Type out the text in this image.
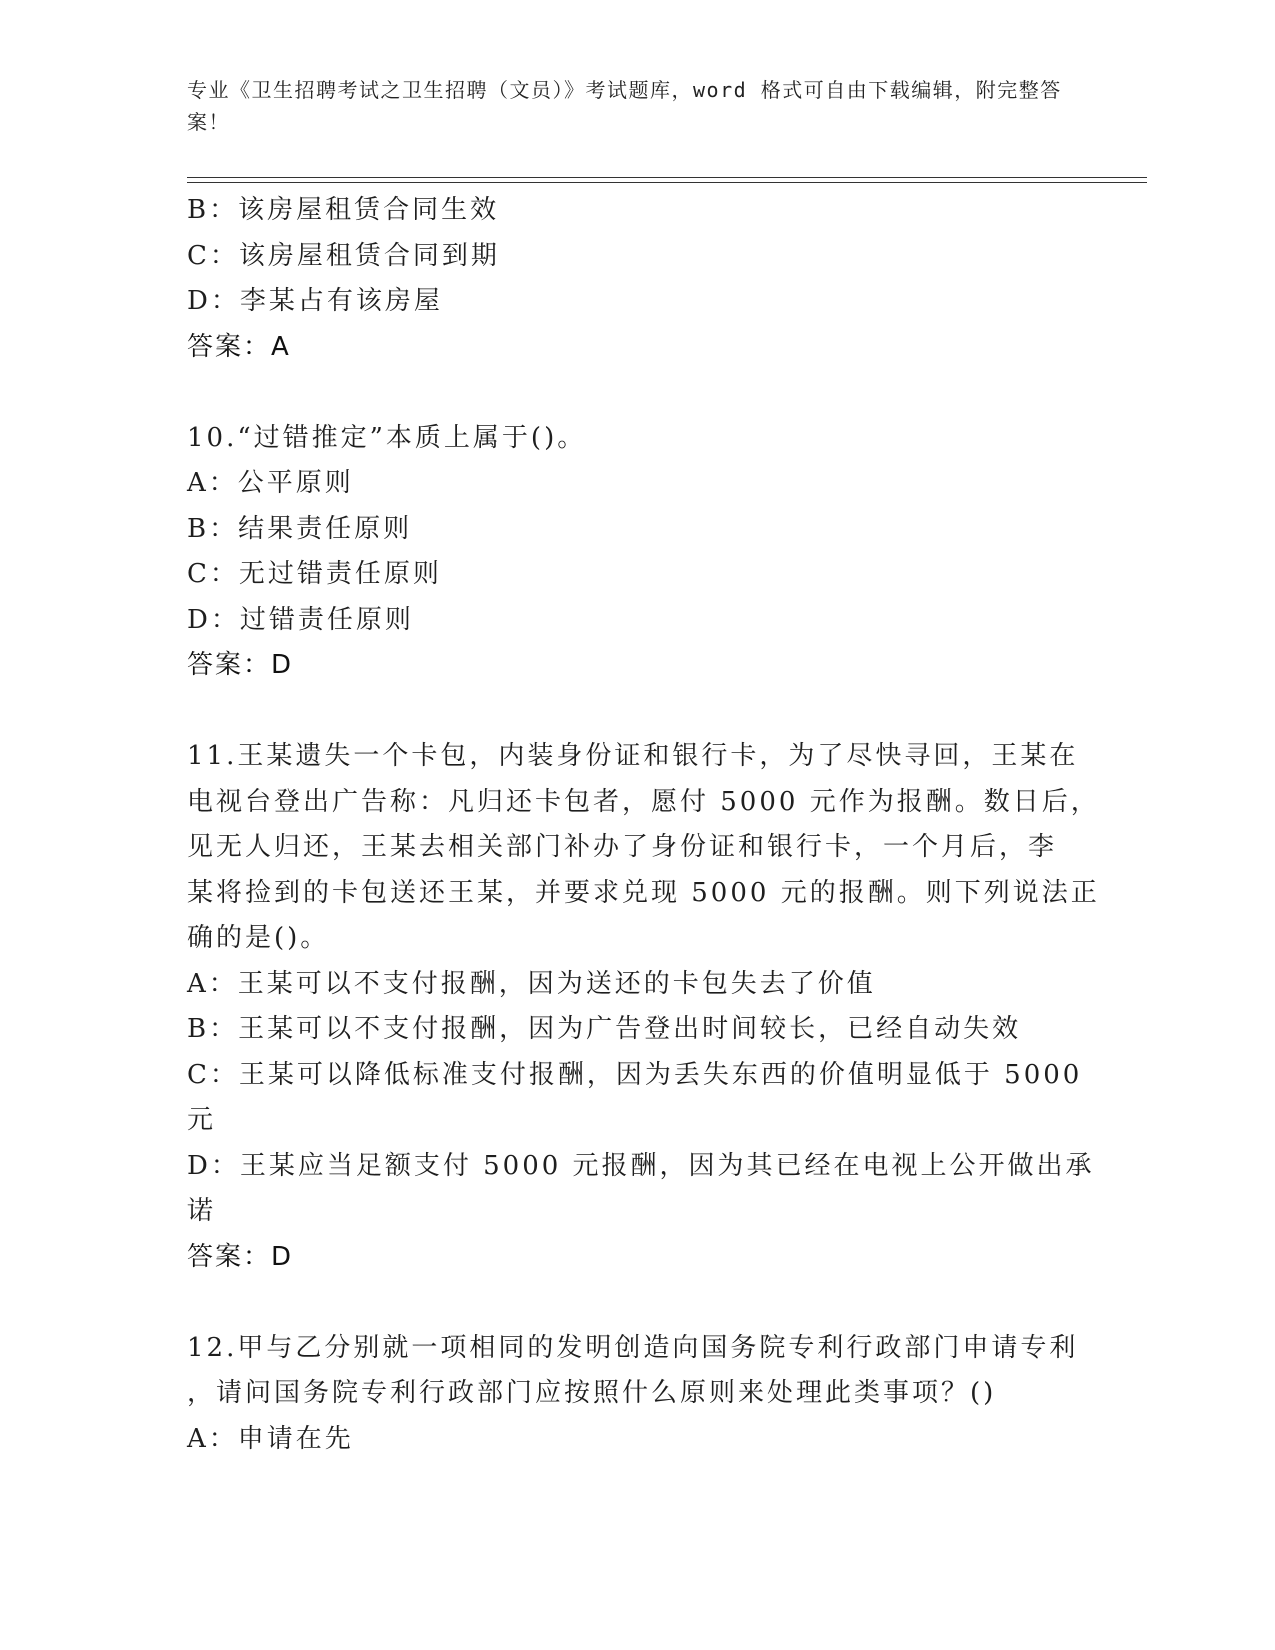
专业《卫生招聘考试之卫生招聘（文员）》考试题库，word 格式可自由下载编辑，附完整答案！
B：该房屋租赁合同生效
C：该房屋租赁合同到期
D：李某占有该房屋
答案：A
10.“过错推定”本质上属于()。
A：公平原则
B：结果责任原则
C：无过错责任原则
D：过错责任原则
答案：D
11.王某遗失一个卡包，内装身份证和银行卡，为了尽快寻回，王某在
电视台登出广告称：凡归还卡包者，愿付 5000 元作为报酬。数日后，
见无人归还，王某去相关部门补办了身份证和银行卡，一个月后，李
某将捡到的卡包送还王某，并要求兑现 5000 元的报酬。则下列说法正
确的是()。
A：王某可以不支付报酬，因为送还的卡包失去了价值
B：王某可以不支付报酬，因为广告登出时间较长，已经自动失效
C：王某可以降低标准支付报酬，因为丢失东西的价值明显低于 5000
元
D：王某应当足额支付 5000 元报酬，因为其已经在电视上公开做出承
诺
答案：D
12.甲与乙分别就一项相同的发明创造向国务院专利行政部门申请专利
，请问国务院专利行政部门应按照什么原则来处理此类事项？()
A：申请在先
